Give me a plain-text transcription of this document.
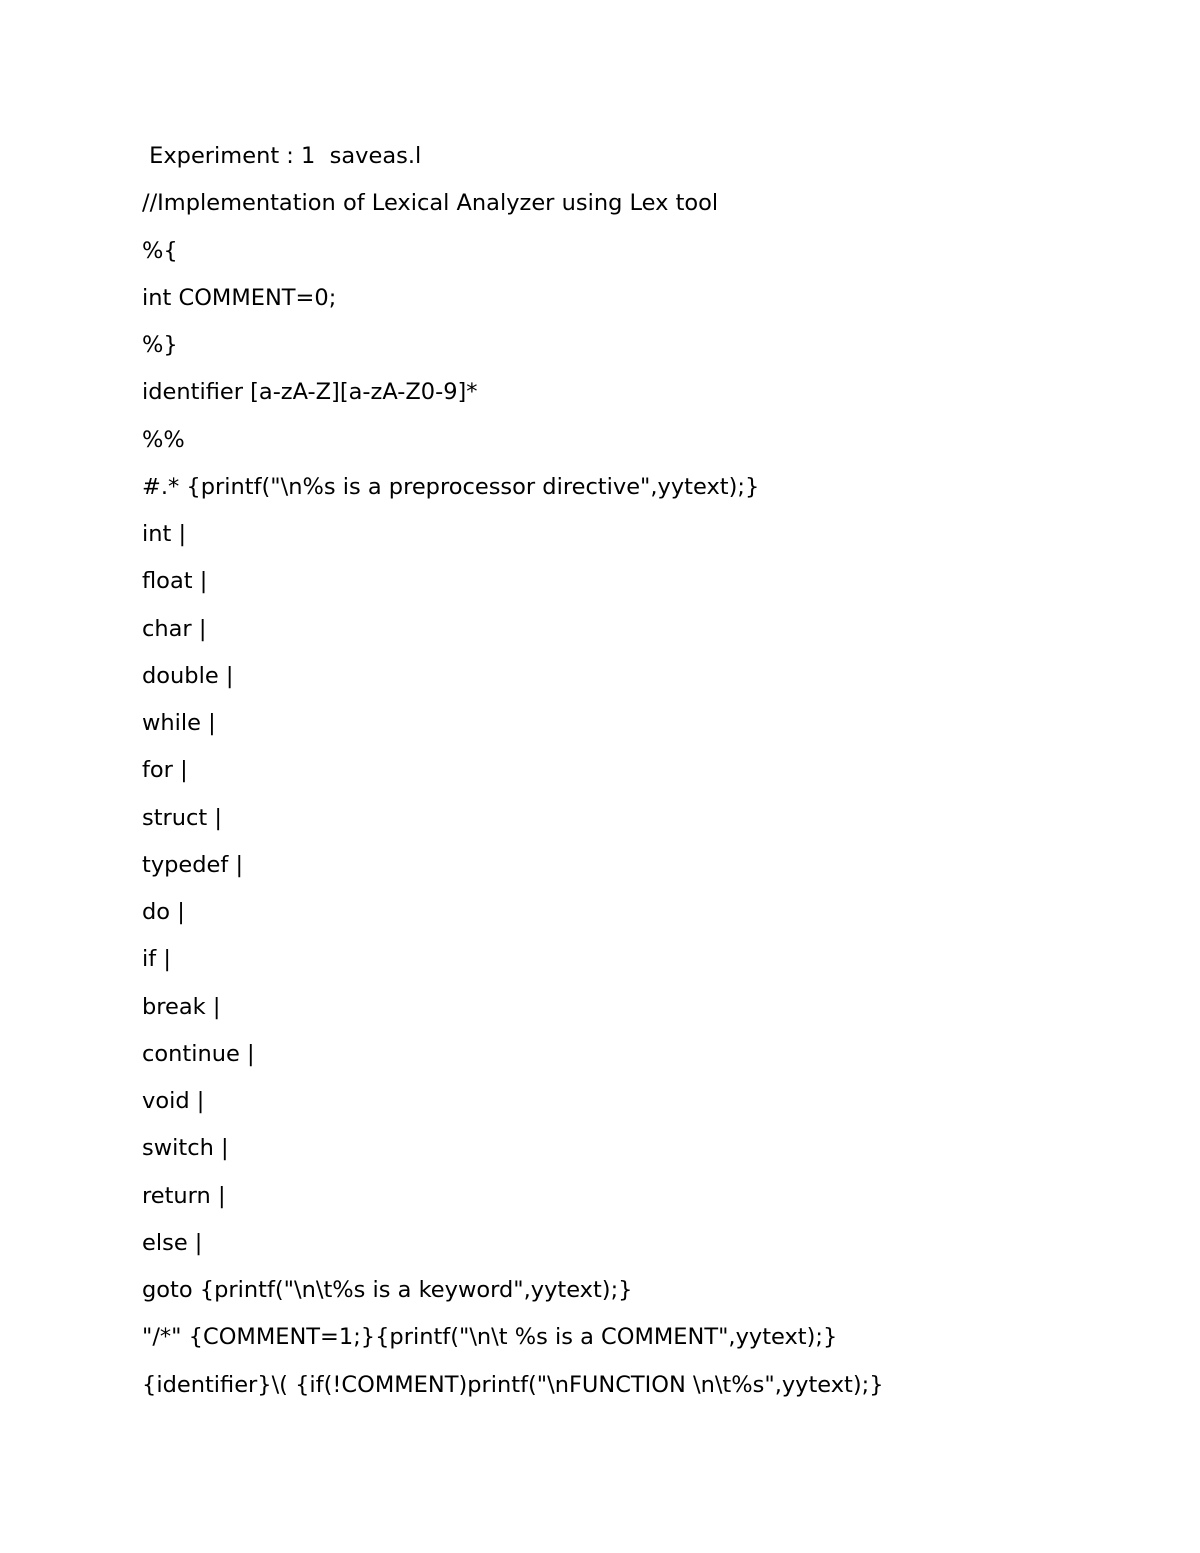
Experiment : 1  saveas.l

//Implementation of Lexical Analyzer using Lex tool

%{

int COMMENT=0;

%}

identifier [a-zA-Z][a-zA-Z0-9]*

%%

#.* {printf("\n%s is a preprocessor directive",yytext);}

int |

float |

char |

double |

while |

for |

struct |

typedef |

do |

if |

break |

continue |

void |

switch |

return |

else |

goto {printf("\n\t%s is a keyword",yytext);}

"/*" {COMMENT=1;}{printf("\n\t %s is a COMMENT",yytext);}

{identifier}\( {if(!COMMENT)printf("\nFUNCTION \n\t%s",yytext);}
